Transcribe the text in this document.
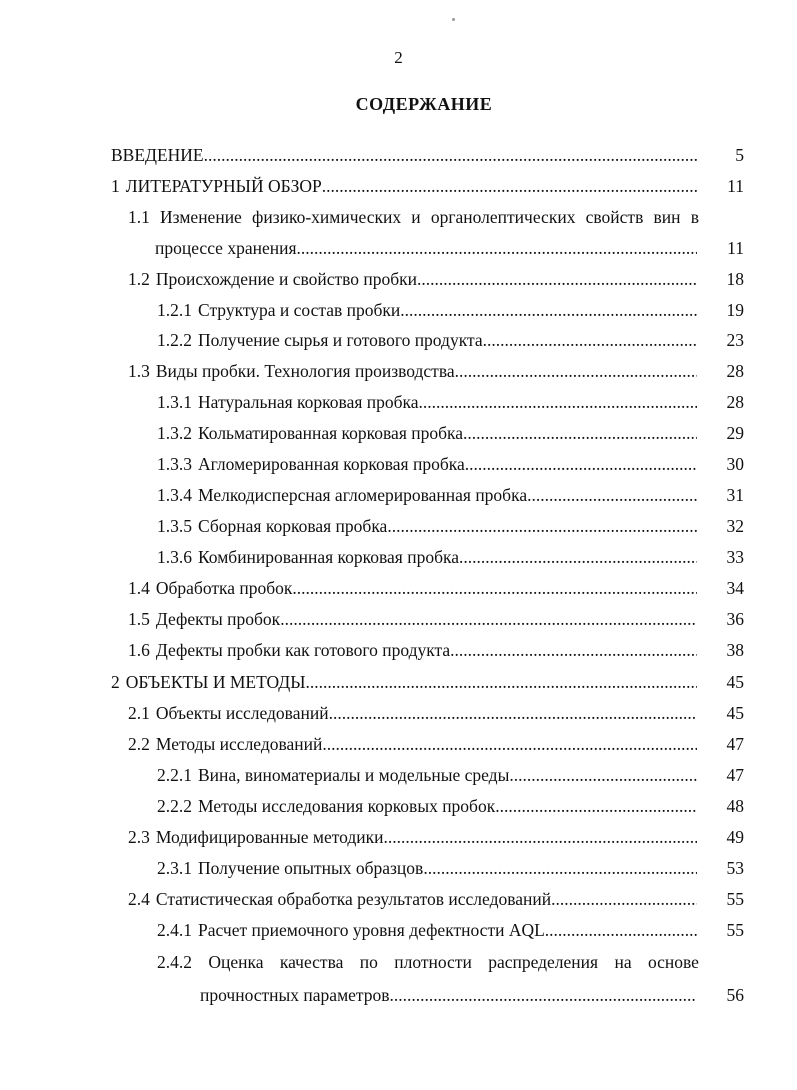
2
СОДЕРЖАНИЕ
ВВЕДЕНИЕ .....	5
1 ЛИТЕРАТУРНЫЙ ОБЗОР .....	11
1.1 Изменение физико-химических и органолептических свойств вин в
процессе хранения .....	11
1.2 Происхождение и свойство пробки .....	18
1.2.1 Структура и состав пробки .....	19
1.2.2 Получение сырья и готового продукта .....	23
1.3 Виды пробки. Технология производства .....	28
1.3.1 Натуральная корковая пробка .....	28
1.3.2 Кольматированная корковая пробка .....	29
1.3.3 Агломерированная корковая пробка .....	30
1.3.4 Мелкодисперсная агломерированная пробка .....	31
1.3.5 Сборная корковая пробка .....	32
1.3.6 Комбинированная корковая пробка .....	33
1.4 Обработка пробок .....	34
1.5 Дефекты пробок .....	36
1.6 Дефекты пробки как готового продукта .....	38
2 ОБЪЕКТЫ И МЕТОДЫ .....	45
2.1 Объекты исследований .....	45
2.2 Методы исследований .....	47
2.2.1 Вина, виноматериалы и модельные среды .....	47
2.2.2 Методы исследования корковых пробок .....	48
2.3 Модифицированные методики .....	49
2.3.1 Получение опытных образцов .....	53
2.4 Статистическая обработка результатов исследований .....	55
2.4.1 Расчет приемочного уровня дефектности AQL .....	55
2.4.2 Оценка качества по плотности распределения на основе
прочностных параметров .....	56
